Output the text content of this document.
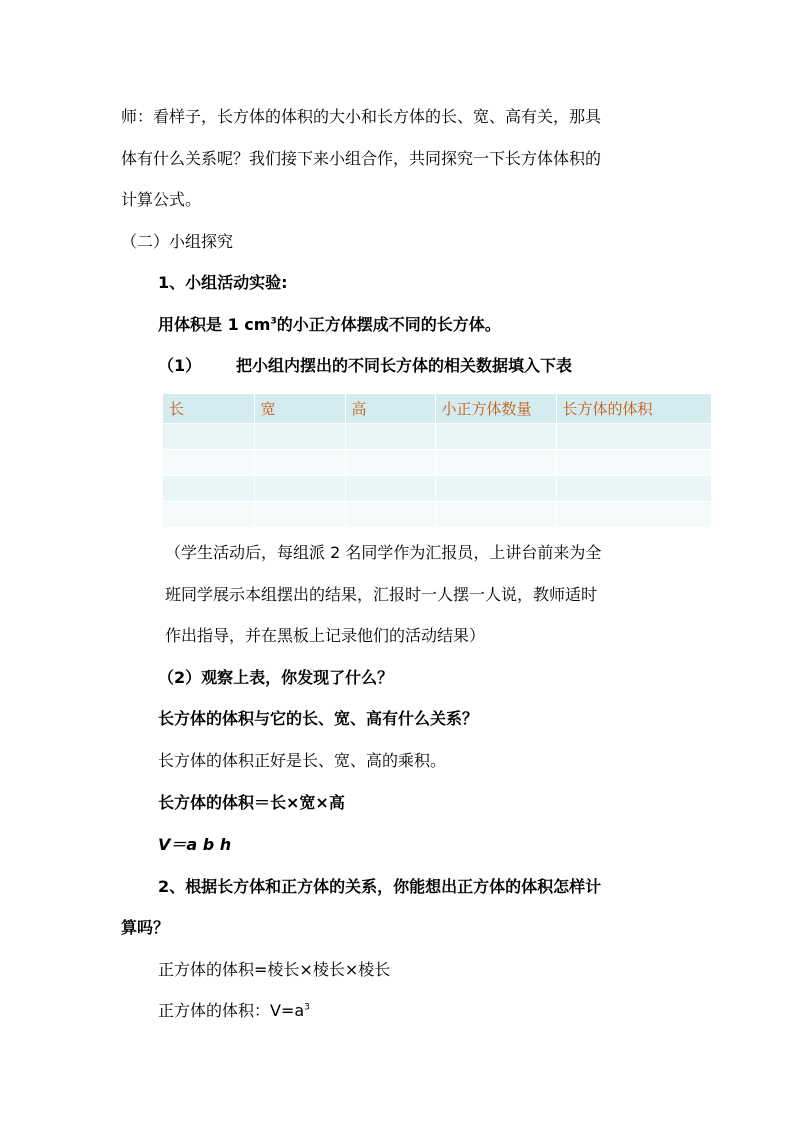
师：看样子，长方体的体积的大小和长方体的长、宽、高有关，那具
体有什么关系呢？我们接下来小组合作，共同探究一下长方体体积的
计算公式。
（二）小组探究
1、小组活动实验:
用体积是 1 $cm^3$的小正方体摆成不同的长方体。
（1） 把小组内摆出的不同长方体的相关数据填入下表
长	宽	高	小正方体数量	长方体的体积

（学生活动后，每组派 2 名同学作为汇报员，上讲台前来为全
班同学展示本组摆出的结果，汇报时一人摆一人说，教师适时
作出指导，并在黑板上记录他们的活动结果）
（2）观察上表，你发现了什么？
长方体的体积与它的长、宽、高有什么关系？
长方体的体积正好是长、宽、高的乘积。
长方体的体积＝长×宽×高
V＝a b h
2、根据长方体和正方体的关系，你能想出正方体的体积怎样计
算吗？
正方体的体积=棱长×棱长×棱长
正方体的体积：$V=a^3$
